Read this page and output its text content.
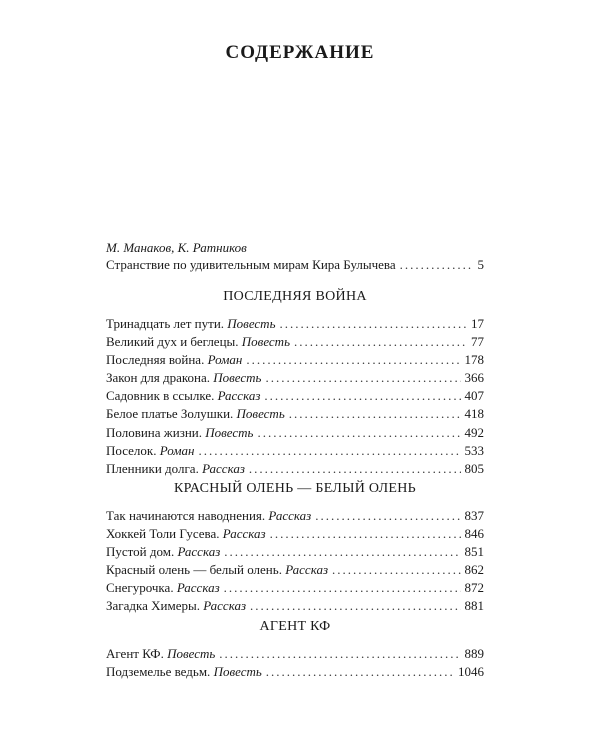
СОДЕРЖАНИЕ
М. Манаков, К. Ратников
Странствие по удивительным мирам Кира Булычева .....	5
ПОСЛЕДНЯЯ ВОЙНА
Тринадцать лет пути. Повесть .....	17
Великий дух и беглецы. Повесть .....	77
Последняя война. Роман .....	178
Закон для дракона. Повесть .....	366
Садовник в ссылке. Рассказ .....	407
Белое платье Золушки. Повесть .....	418
Половина жизни. Повесть .....	492
Поселок. Роман .....	533
Пленники долга. Рассказ .....	805
КРАСНЫЙ ОЛЕНЬ — БЕЛЫЙ ОЛЕНЬ
Так начинаются наводнения. Рассказ .....	837
Хоккей Толи Гусева. Рассказ .....	846
Пустой дом. Рассказ .....	851
Красный олень — белый олень. Рассказ .....	862
Снегурочка. Рассказ .....	872
Загадка Химеры. Рассказ .....	881
АГЕНТ КФ
Агент КФ. Повесть .....	889
Подземелье ведьм. Повесть .....	1046
